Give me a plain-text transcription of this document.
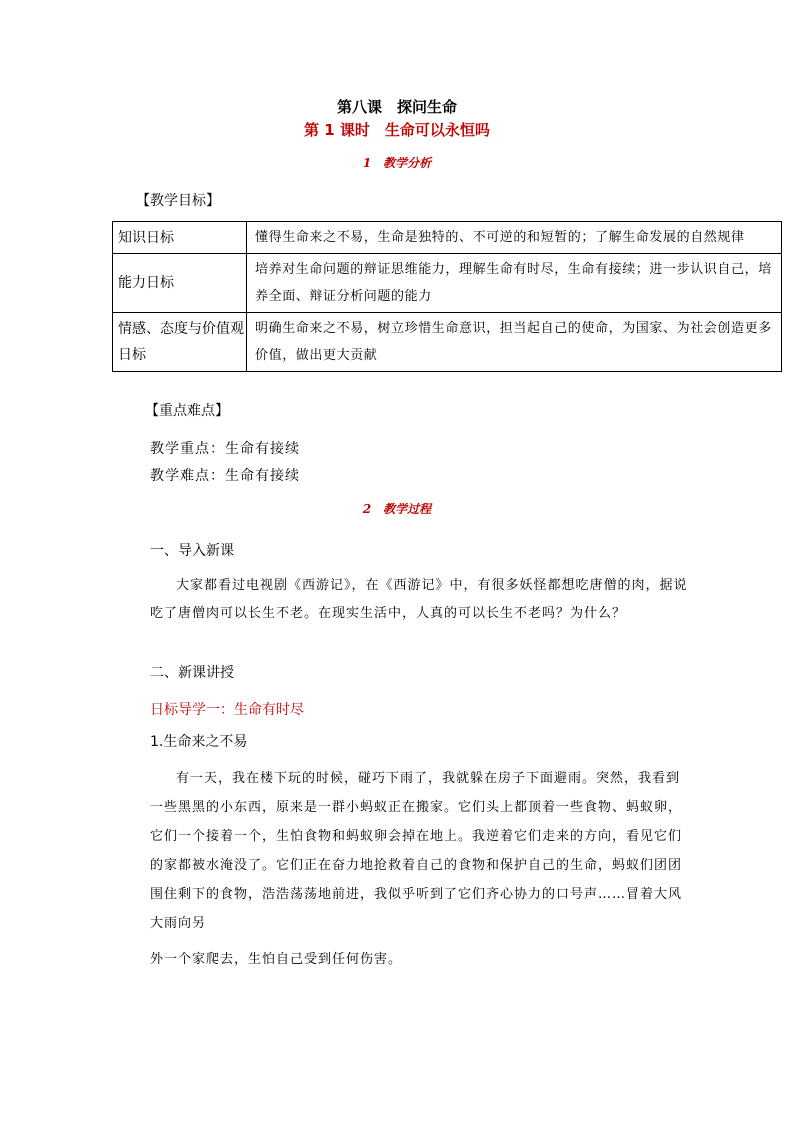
第八课　探问生命
第 1 课时　生命可以永恒吗
1　教学分析
【教学目标】
知识日标	懂得生命来之不易，生命是独特的、不可逆的和短暂的；了解生命发展的自然规律
能力日标	培养对生命问题的辩证思维能力，理解生命有时尽，生命有接续；进一步认识自己，培养全面、辩证分析问题的能力
情感、态度与价值观日标	明确生命来之不易，树立珍惜生命意识，担当起自己的使命，为国家、为社会创造更多价值，做出更大贡献
【重点难点】
教学重点：生命有接续
教学难点：生命有接续
2　教学过程
一、导入新课
大家都看过电视剧《西游记》，在《西游记》中，有很多妖怪都想吃唐僧的肉，据说吃了唐僧肉可以长生不老。在现实生活中，人真的可以长生不老吗？为什么？
二、新课讲授
日标导学一：生命有时尽
1.生命来之不易
有一天，我在楼下玩的时候，碰巧下雨了，我就躲在房子下面避雨。突然，我看到一些黑黑的小东西，原来是一群小蚂蚁正在搬家。它们头上都顶着一些食物、蚂蚁卵，它们一个接着一个，生怕食物和蚂蚁卵会掉在地上。我逆着它们走来的方向，看见它们的家都被水淹没了。它们正在奋力地抢救着自己的食物和保护自己的生命，蚂蚁们团团围住剩下的食物，浩浩荡荡地前进，我似乎听到了它们齐心协力的口号声……冒着大风大雨向另
外一个家爬去，生怕自己受到任何伤害。
